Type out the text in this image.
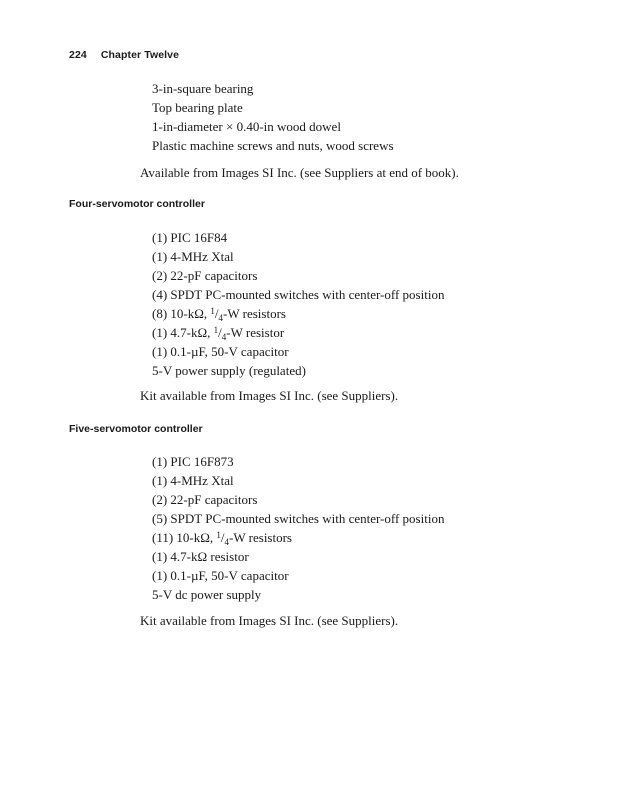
224 Chapter Twelve
3-in-square bearing
Top bearing plate
1-in-diameter × 0.40-in wood dowel
Plastic machine screws and nuts, wood screws
Available from Images SI Inc. (see Suppliers at end of book).
Four-servomotor controller
(1) PIC 16F84
(1) 4-MHz Xtal
(2) 22-pF capacitors
(4) SPDT PC-mounted switches with center-off position
(8) 10-kΩ, $^1/_4-W$ resistors
(1) 4.7-kΩ, $^1/_4-W$ resistor
(1) 0.1-µF, 50-V capacitor
5-V power supply (regulated)
Kit available from Images SI Inc. (see Suppliers).
Five-servomotor controller
(1) PIC 16F873
(1) 4-MHz Xtal
(2) 22-pF capacitors
(5) SPDT PC-mounted switches with center-off position
(11) 10-kΩ, $^1/_4-W$ resistors
(1) 4.7-kΩ resistor
(1) 0.1-µF, 50-V capacitor
5-V dc power supply
Kit available from Images SI Inc. (see Suppliers).
